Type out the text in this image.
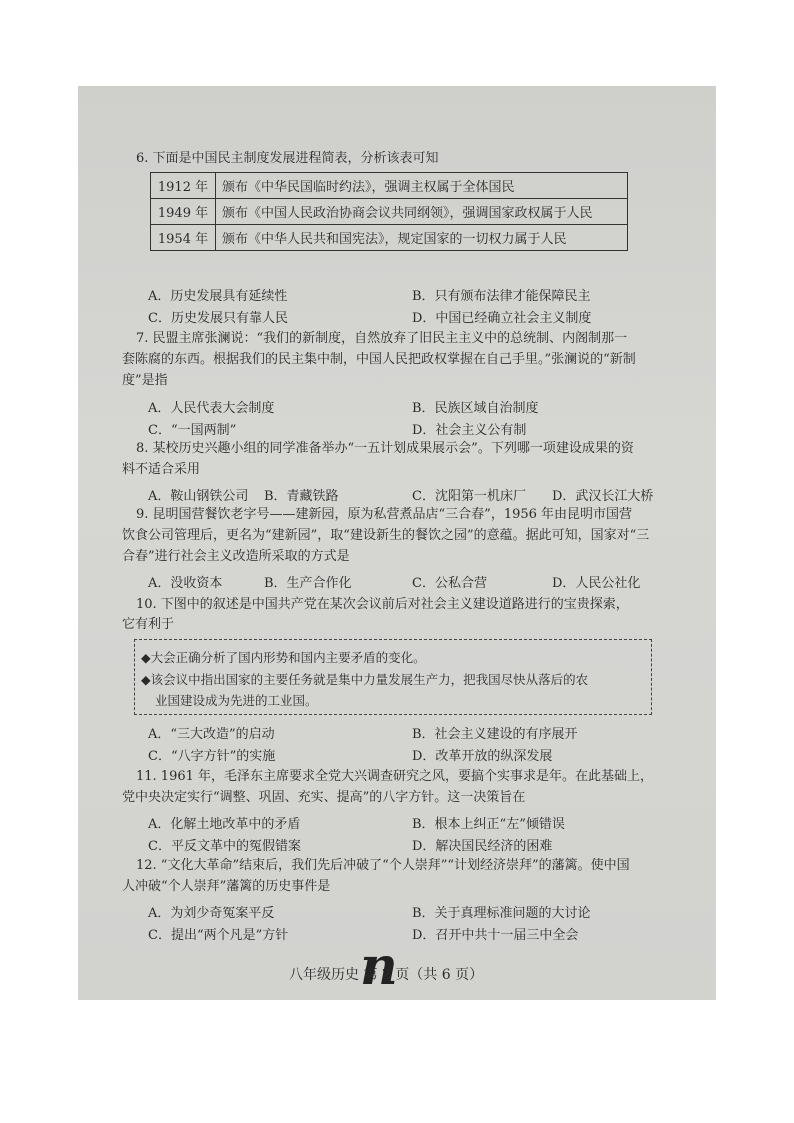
6. 下面是中国民主制度发展进程简表，分析该表可知
1912 年	颁布《中华民国临时约法》，强调主权属于全体国民
1949 年	颁布《中国人民政治协商会议共同纲领》，强调国家政权属于人民
1954 年	颁布《中华人民共和国宪法》，规定国家的一切权力属于人民
A．历史发展具有延续性	B．只有颁布法律才能保障民主
C．历史发展只有靠人民	D．中国已经确立社会主义制度
7. 民盟主席张澜说：“我们的新制度，自然放弃了旧民主主义中的总统制、内阁制那一
套陈腐的东西。根据我们的民主集中制，中国人民把政权掌握在自己手里。”张澜说的“新制
度”是指
A．人民代表大会制度	B．民族区域自治制度
C．“一国两制”	D．社会主义公有制
8. 某校历史兴趣小组的同学准备举办“一五计划成果展示会”。下列哪一项建设成果的资
料不适合采用
A．鞍山钢铁公司 B．青藏铁路	C．沈阳第一机床厂 D．武汉长江大桥
9. 昆明国营餐饮老字号——建新园，原为私营煮品店“三合春”，1956 年由昆明市国营
饮食公司管理后，更名为“建新园”，取“建设新生的餐饮之园”的意蕴。据此可知，国家对“三
合春”进行社会主义改造所采取的方式是
A．没收资本	B．生产合作化	C．公私合营	D．人民公社化
10. 下图中的叙述是中国共产党在某次会议前后对社会主义建设道路进行的宝贵探索，
它有利于
◆大会正确分析了国内形势和国内主要矛盾的变化。
◆该会议中指出国家的主要任务就是集中力量发展生产力，把我国尽快从落后的农
业国建设成为先进的工业国。
A．“三大改造”的启动	B．社会主义建设的有序展开
C．“八字方针”的实施	D．改革开放的纵深发展
11. 1961 年，毛泽东主席要求全党大兴调查研究之风，要搞个实事求是年。在此基础上，
党中央决定实行“调整、巩固、充实、提高”的八字方针。这一决策旨在
A．化解土地改革中的矛盾	B．根本上纠正“左”倾错误
C．平反文革中的冤假错案	D．解决国民经济的困难
12. “文化大革命”结束后，我们先后冲破了“个人崇拜”“计划经济崇拜”的藩篱。使中国
人冲破“个人崇拜”藩篱的历史事件是
A．为刘少奇冤案平反	B．关于真理标准问题的大讨论
C．提出“两个凡是”方针	D．召开中共十一届三中全会
n
八年级历史 第 2 页（共 6 页）
